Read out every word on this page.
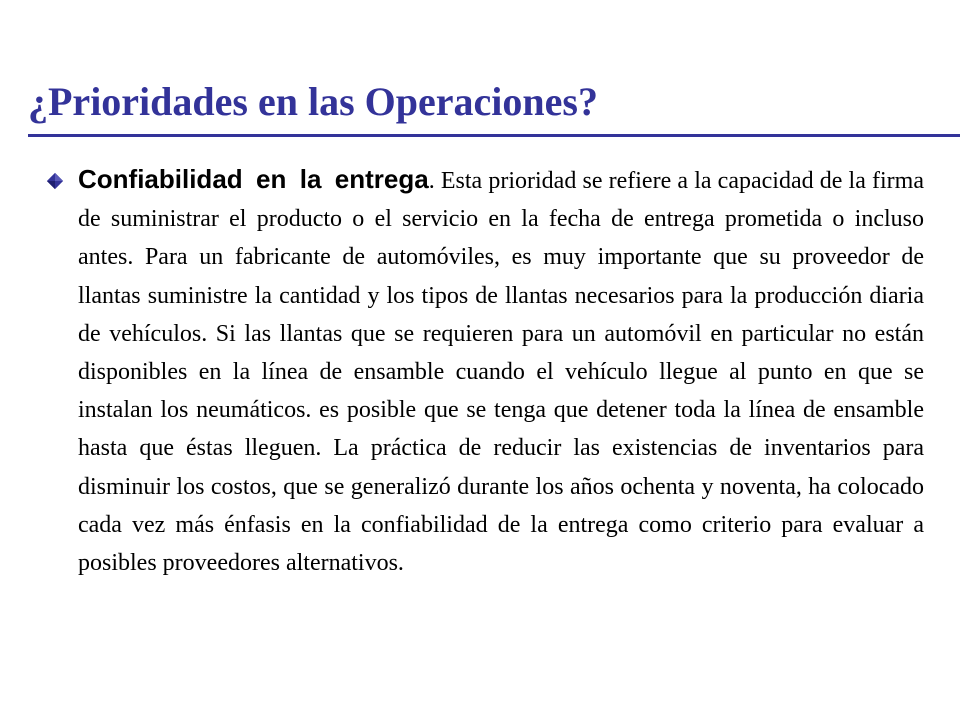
¿Prioridades en las Operaciones?

Confiabilidad en la entrega. Esta prioridad se refiere a la capacidad de la firma de suministrar el producto o el servicio en la fecha de entrega prometida o incluso antes. Para un fabricante de automóviles, es muy importante que su proveedor de llantas suministre la cantidad y los tipos de llantas necesarios para la producción diaria de vehículos. Si las llantas que se requieren para un automóvil en particular no están disponibles en la línea de ensamble cuando el vehículo llegue al punto en que se instalan los neumáticos. es posible que se tenga que detener toda la línea de ensamble hasta que éstas lleguen. La práctica de reducir las existencias de inventarios para disminuir los costos, que se generalizó durante los años ochenta y noventa, ha colocado cada vez más énfasis en la confiabilidad de la entrega como criterio para evaluar a posibles proveedores alternativos.
